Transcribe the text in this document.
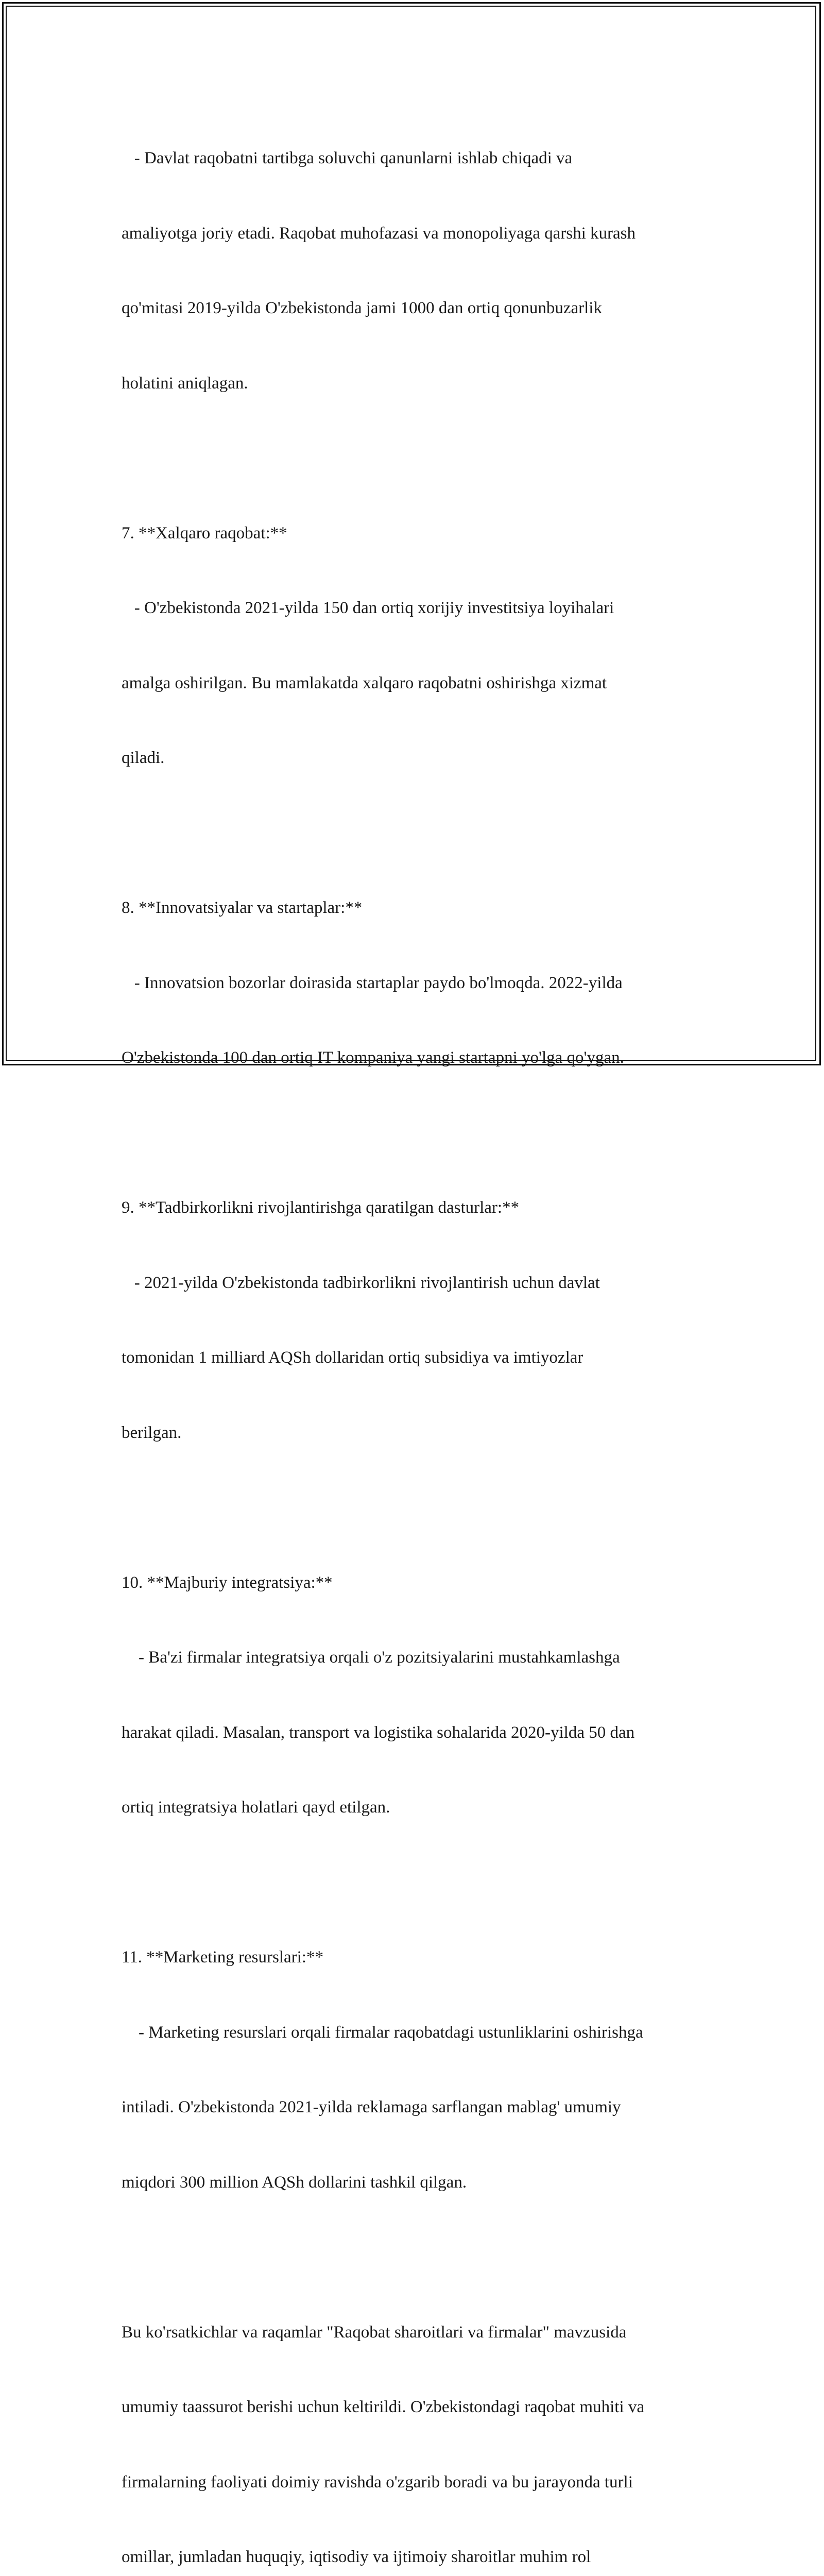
- Davlat raqobatni tartibga soluvchi qanunlarni ishlab chiqadi va

amaliyotga joriy etadi. Raqobat muhofazasi va monopoliyaga qarshi kurash

qo'mitasi 2019-yilda O'zbekistonda jami 1000 dan ortiq qonunbuzarlik

holatini aniqlagan.

7. **Xalqaro raqobat:**

- O'zbekistonda 2021-yilda 150 dan ortiq xorijiy investitsiya loyihalari

amalga oshirilgan. Bu mamlakatda xalqaro raqobatni oshirishga xizmat

qiladi.

8. **Innovatsiyalar va startaplar:**

- Innovatsion bozorlar doirasida startaplar paydo bo'lmoqda. 2022-yilda

O'zbekistonda 100 dan ortiq IT kompaniya yangi startapni yo'lga qo'ygan.

9. **Tadbirkorlikni rivojlantirishga qaratilgan dasturlar:**

- 2021-yilda O'zbekistonda tadbirkorlikni rivojlantirish uchun davlat

tomonidan 1 milliard AQSh dollaridan ortiq subsidiya va imtiyozlar

berilgan.

10. **Majburiy integratsiya:**

- Ba'zi firmalar integratsiya orqali o'z pozitsiyalarini mustahkamlashga

harakat qiladi. Masalan, transport va logistika sohalarida 2020-yilda 50 dan

ortiq integratsiya holatlari qayd etilgan.

11. **Marketing resurslari:**

- Marketing resurslari orqali firmalar raqobatdagi ustunliklarini oshirishga

intiladi. O'zbekistonda 2021-yilda reklamaga sarflangan mablag' umumiy

miqdori 300 million AQSh dollarini tashkil qilgan.

Bu ko'rsatkichlar va raqamlar "Raqobat sharoitlari va firmalar" mavzusida

umumiy taassurot berishi uchun keltirildi. O'zbekistondagi raqobat muhiti va

firmalarning faoliyati doimiy ravishda o'zgarib boradi va bu jarayonda turli

omillar, jumladan huquqiy, iqtisodiy va ijtimoiy sharoitlar muhim rol
